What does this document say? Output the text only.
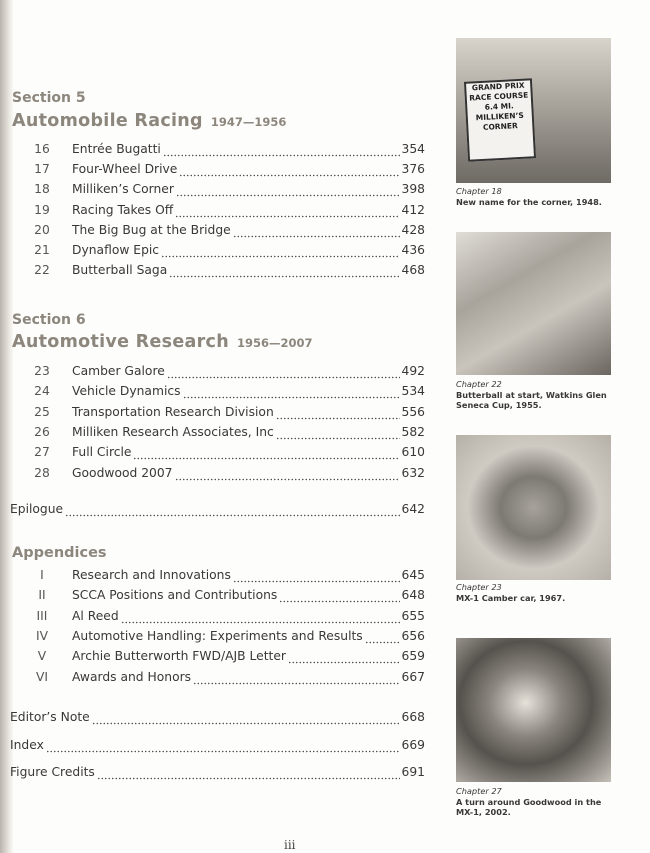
Section 5
Automobile Racing 1947—1956
16	Entrée Bugatti	354
17	Four-Wheel Drive	376
18	Milliken’s Corner	398
19	Racing Takes Off	412
20	The Big Bug at the Bridge	428
21	Dynaflow Epic	436
22	Butterball Saga	468
Section 6
Automotive Research 1956—2007
23	Camber Galore	492
24	Vehicle Dynamics	534
25	Transportation Research Division	556
26	Milliken Research Associates, Inc	582
27	Full Circle	610
28	Goodwood 2007	632
Epilogue	642
Appendices
I	Research and Innovations	645
II	SCCA Positions and Contributions	648
III	Al Reed	655
IV	Automotive Handling: Experiments and Results	656
V	Archie Butterworth FWD/AJB Letter	659
VI	Awards and Honors	667
Editor’s Note	668
Index	669
Figure Credits	691
GRAND PRIX
RACE COURSE
6.4 MI.
MILLIKEN’S
CORNER
Chapter 18
New name for the corner, 1948.
Chapter 22
Butterball at start, Watkins Glen Seneca Cup, 1955.
Chapter 23
MX-1 Camber car, 1967.
Chapter 27
A turn around Goodwood in the MX-1, 2002.
iii
